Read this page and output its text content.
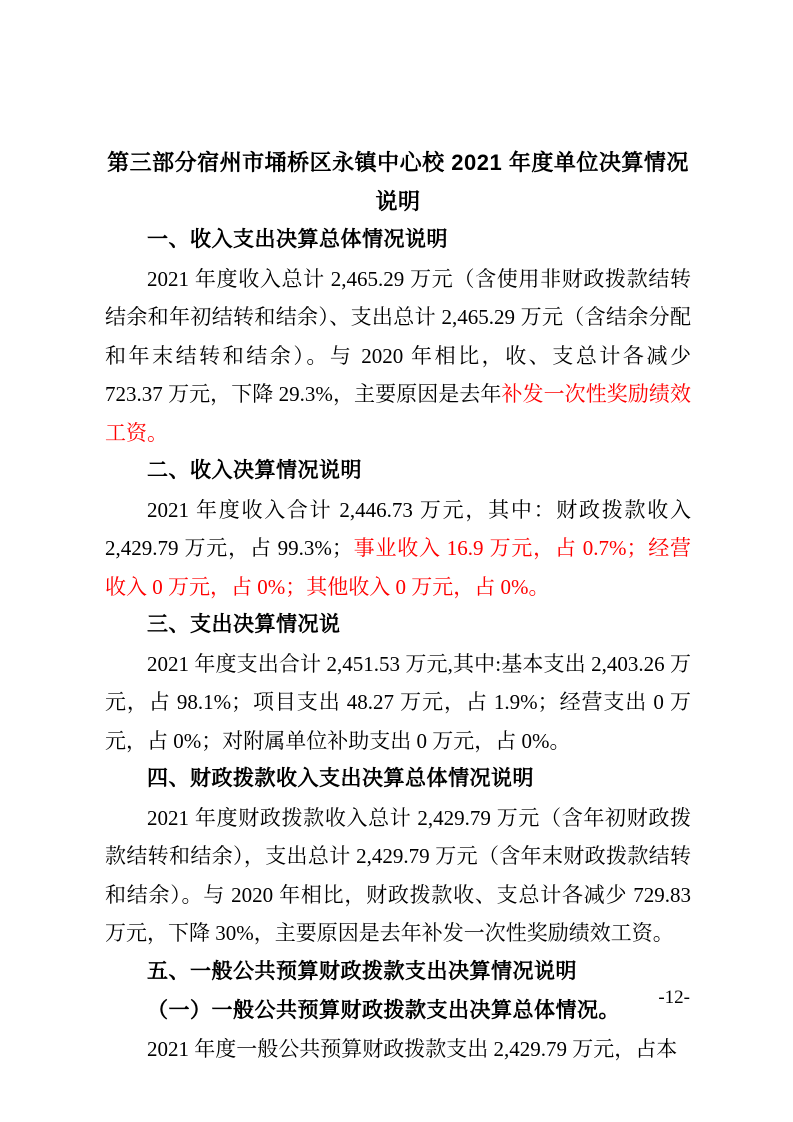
第三部分宿州市埇桥区永镇中心校 2021 年度单位决算情况说明
一、收入支出决算总体情况说明
2021 年度收入总计 2,465.29 万元（含使用非财政拨款结转结余和年初结转和结余）、支出总计 2,465.29 万元（含结余分配和年末结转和结余）。与 2020 年相比，收、支总计各减少 723.37 万元，下降 29.3%，主要原因是去年补发一次性奖励绩效工资。
二、收入决算情况说明
2021 年度收入合计 2,446.73 万元，其中：财政拨款收入 2,429.79 万元，占 99.3%；事业收入 16.9 万元，占 0.7%；经营收入 0 万元，占 0%；其他收入 0 万元，占 0%。
三、支出决算情况说
2021 年度支出合计 2,451.53 万元,其中:基本支出 2,403.26 万元，占 98.1%；项目支出 48.27 万元，占 1.9%；经营支出 0 万元，占 0%；对附属单位补助支出 0 万元，占 0%。
四、财政拨款收入支出决算总体情况说明
2021 年度财政拨款收入总计 2,429.79 万元（含年初财政拨款结转和结余），支出总计 2,429.79 万元（含年末财政拨款结转和结余）。与 2020 年相比，财政拨款收、支总计各减少 729.83 万元，下降 30%，主要原因是去年补发一次性奖励绩效工资。
五、一般公共预算财政拨款支出决算情况说明
（一）一般公共预算财政拨款支出决算总体情况。
2021 年度一般公共预算财政拨款支出 2,429.79 万元，占本
-12-
